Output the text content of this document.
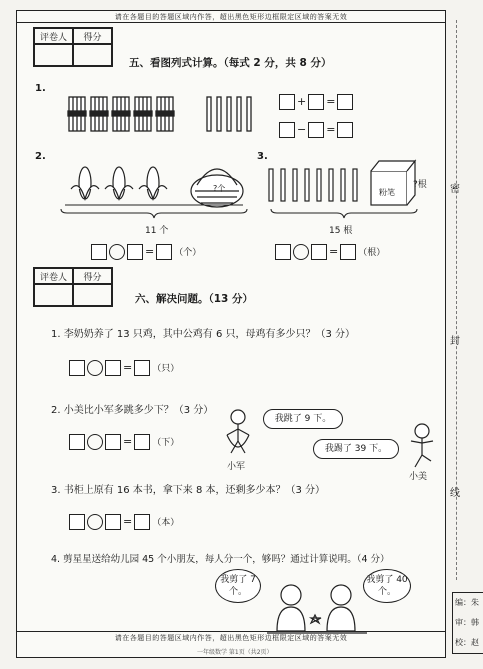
请在各题目的答题区域内作答，超出黑色矩形边框限定区域的答案无效
评卷人	得分
五、看图列式计算。（每式 2 分，共 8 分）
1.
+ =
− =
2.
?个
11 个
= （个）
3.
粉笔
?根
15 根
= （根）
评卷人	得分
六、解决问题。（13 分）
1. 李奶奶养了 13 只鸡，其中公鸡有 6 只，母鸡有多少只？（3 分）
= （只）
2. 小美比小军多跳多少下？（3 分）
= （下）
我跳了 9 下。
小军
我踢了 39 下。
小美
3. 书柜上原有 16 本书，拿下来 8 本，还剩多少本？（3 分）
= （本）
4. 剪星星送给幼儿园 45 个小朋友，每人分一个，够吗？通过计算说明。（4 分）
我剪了 7 个。
我剪了 40 个。
请在各题目的答题区域内作答，超出黑色矩形边框限定区域的答案无效
一年级数学 第1页（共2页）
密
封
线
编：朱
审：韩
校：赵
